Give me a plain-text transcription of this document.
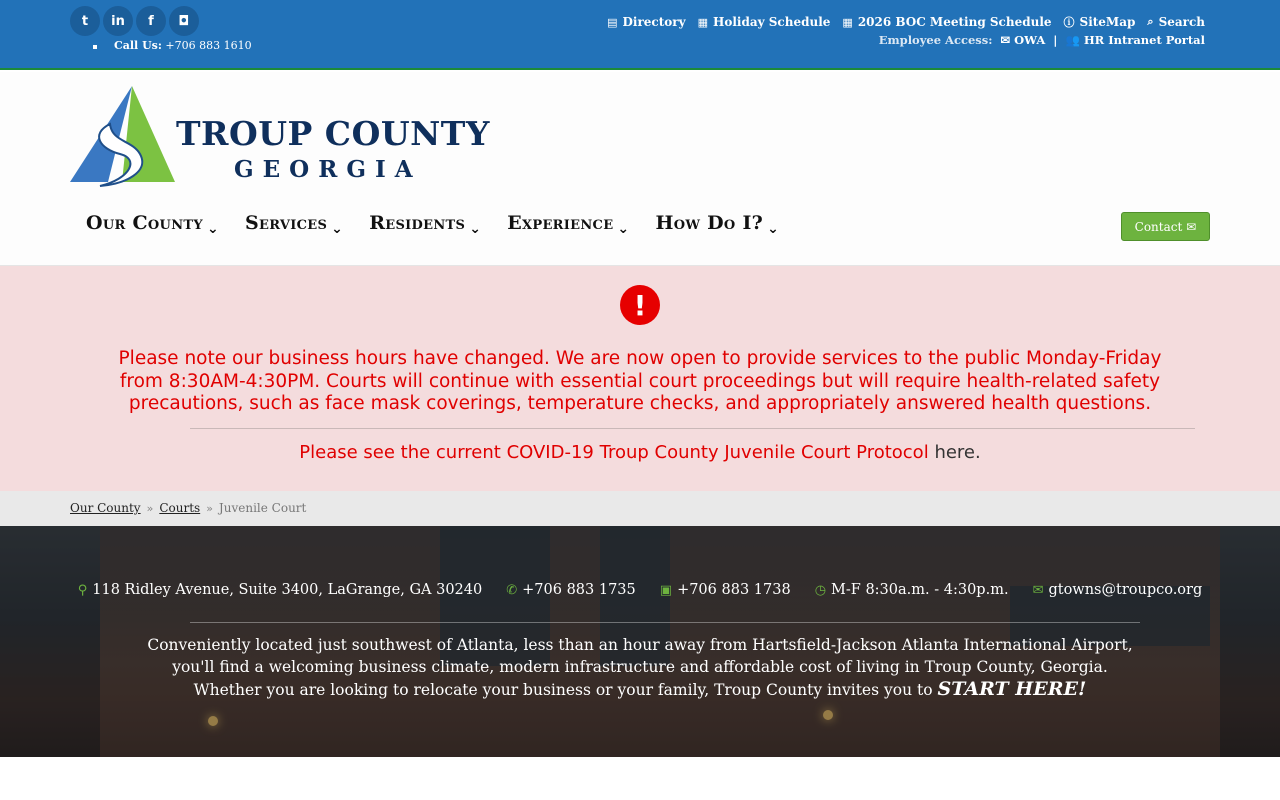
t	in	f	◘
Call Us: +706 883 1610
▤ Directory ▦ Holiday Schedule ▦ 2026 BOC Meeting Schedule ⓘ SiteMap ⌕ Search
Employee Access: ✉ OWA | 👥 HR Intranet Portal
TROUP COUNTY
GEORGIA
Our County ⌄ Services ⌄ Residents ⌄ Experience ⌄ How Do I? ⌄	Contact ✉
!
Please note our business hours have changed. We are now open to provide services to the public Monday-Friday from 8:30AM-4:30PM. Courts will continue with essential court proceedings but will require health-related safety precautions, such as face mask coverings, temperature checks, and appropriately answered health questions.
Please see the current COVID-19 Troup County Juvenile Court Protocol here.
Our County » Courts » Juvenile Court
⚲ 118 Ridley Avenue, Suite 3400, LaGrange, GA 30240 ✆ +706 883 1735 ▣ +706 883 1738 ◷ M-F 8:30a.m. - 4:30p.m. ✉ gtowns@troupco.org
Conveniently located just southwest of Atlanta, less than an hour away from Hartsfield-Jackson Atlanta International Airport,
you'll find a welcoming business climate, modern infrastructure and affordable cost of living in Troup County, Georgia.
Whether you are looking to relocate your business or your family, Troup County invites you to START HERE!
